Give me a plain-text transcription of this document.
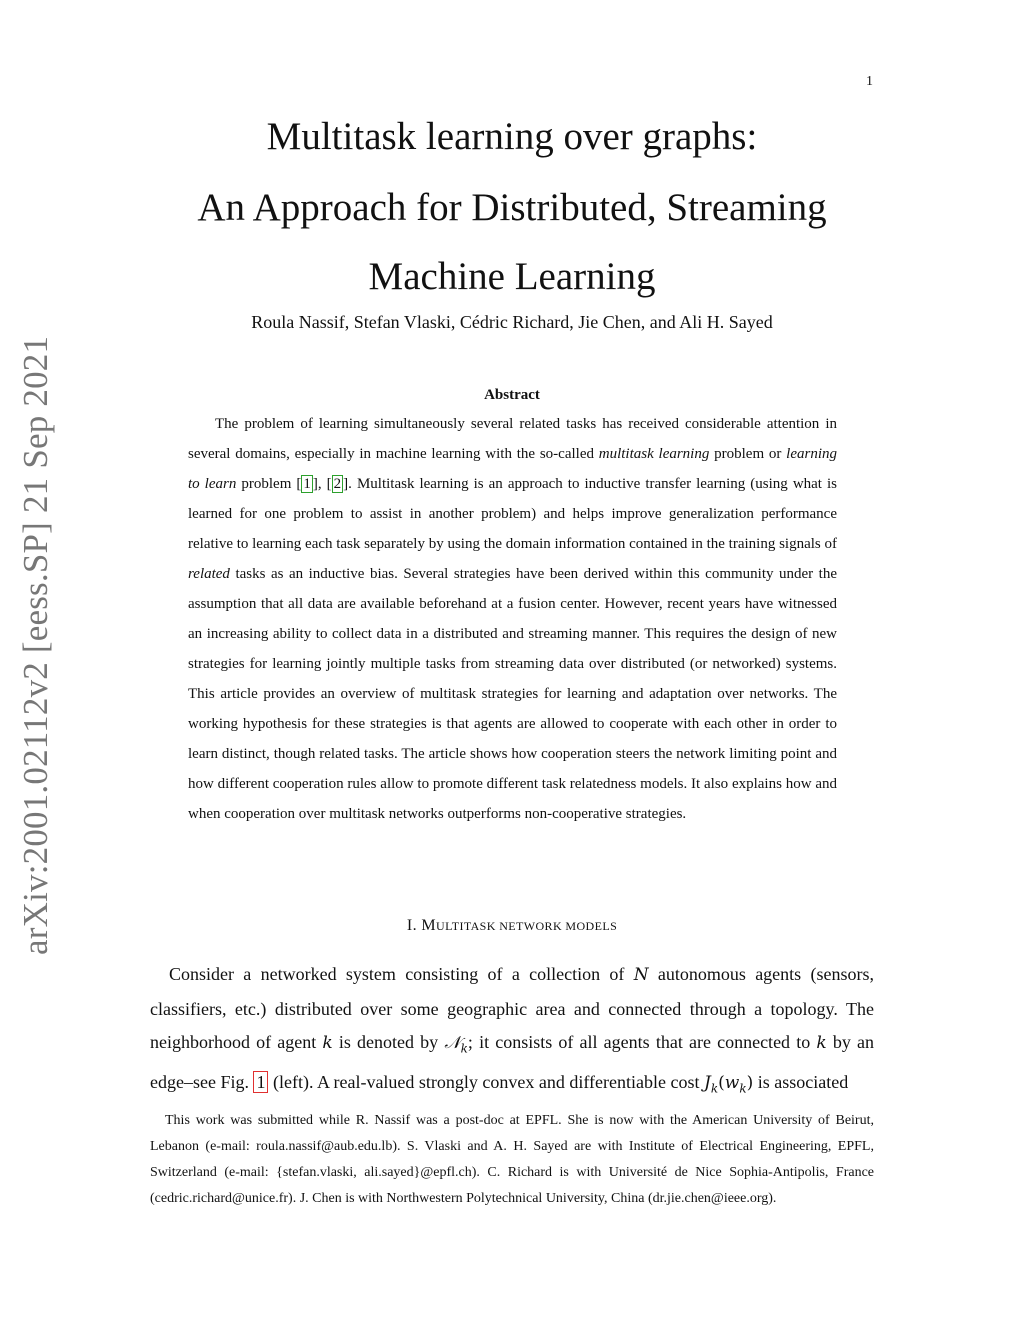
1
arXiv:2001.02112v2 [eess.SP] 21 Sep 2021
Multitask learning over graphs:
An Approach for Distributed, Streaming
Machine Learning
Roula Nassif, Stefan Vlaski, Cédric Richard, Jie Chen, and Ali H. Sayed
Abstract

The problem of learning simultaneously several related tasks has received considerable attention in several domains, especially in machine learning with the so-called multitask learning problem or learning to learn problem [ 1 ], [ 2 ]. Multitask learning is an approach to inductive transfer learning (using what is learned for one problem to assist in another problem) and helps improve generalization performance relative to learning each task separately by using the domain information contained in the training signals of related tasks as an inductive bias. Several strategies have been derived within this community under the assumption that all data are available beforehand at a fusion center. However, recent years have witnessed an increasing ability to collect data in a distributed and streaming manner. This requires the design of new strategies for learning jointly multiple tasks from streaming data over distributed (or networked) systems. This article provides an overview of multitask strategies for learning and adaptation over networks. The working hypothesis for these strategies is that agents are allowed to cooperate with each other in order to learn distinct, though related tasks. The article shows how cooperation steers the network limiting point and how different cooperation rules allow to promote different task relatedness models. It also explains how and when cooperation over multitask networks outperforms non-cooperative strategies.

I. MULTITASK NETWORK MODELS

Consider a networked system consisting of a collection of N autonomous agents (sensors, classifiers, etc.) distributed over some geographic area and connected through a topology. The neighborhood of agent k is denoted by 𝒩$_k$; it consists of all agents that are connected to k by an edge–see Fig. 1 (left). A real-valued strongly convex and differentiable cost $J_k(w_k)$ is associated

This work was submitted while R. Nassif was a post-doc at EPFL. She is now with the American University of Beirut, Lebanon (e-mail: roula.nassif@aub.edu.lb). S. Vlaski and A. H. Sayed are with Institute of Electrical Engineering, EPFL, Switzerland (e-mail: {stefan.vlaski, ali.sayed}@epfl.ch). C. Richard is with Université de Nice Sophia-Antipolis, France (cedric.richard@unice.fr). J. Chen is with Northwestern Polytechnical University, China (dr.jie.chen@ieee.org).
